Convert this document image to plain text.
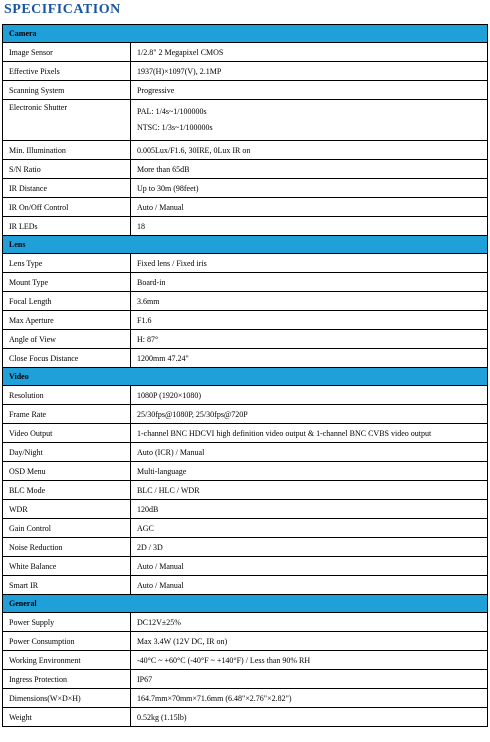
SPECIFICATION
Camera	
Image Sensor	1/2.8" 2 Megapixel CMOS

Effective Pixels	1937(H)×1097(V), 2.1MP

Scanning System	Progressive

Electronic Shutter	PAL: 1/4s~1/100000s
NTSC: 1/3s~1/100000s

Min. Illumination	0.005Lux/F1.6, 30IRE, 0Lux IR on

S/N Ratio	More than 65dB

IR Distance	Up to 30m (98feet)

IR On/Off Control	Auto / Manual

IR LEDs	18

Lens	
Lens Type	Fixed lens / Fixed iris

Mount Type	Board-in

Focal Length	3.6mm

Max Aperture	F1.6

Angle of View	H: 87°

Close Focus Distance	1200mm 47.24"

Video	
Resolution	1080P (1920×1080)

Frame Rate	25/30fps@1080P, 25/30fps@720P

Video Output	1-channel BNC HDCVI high definition video output & 1-channel BNC CVBS video output

Day/Night	Auto (ICR) / Manual

OSD Menu	Multi-language

BLC Mode	BLC / HLC / WDR

WDR	120dB

Gain Control	AGC

Noise Reduction	2D / 3D

White Balance	Auto / Manual

Smart IR	Auto / Manual

General	
Power Supply	DC12V±25%

Power Consumption	Max 3.4W (12V DC, IR on)

Working Environment	-40°C ~ +60°C (-40°F ~ +140°F) / Less than 90% RH

Ingress Protection	IP67

Dimensions(W×D×H)	164.7mm×70mm×71.6mm (6.48"×2.76"×2.82")

Weight	0.52kg (1.15lb)
